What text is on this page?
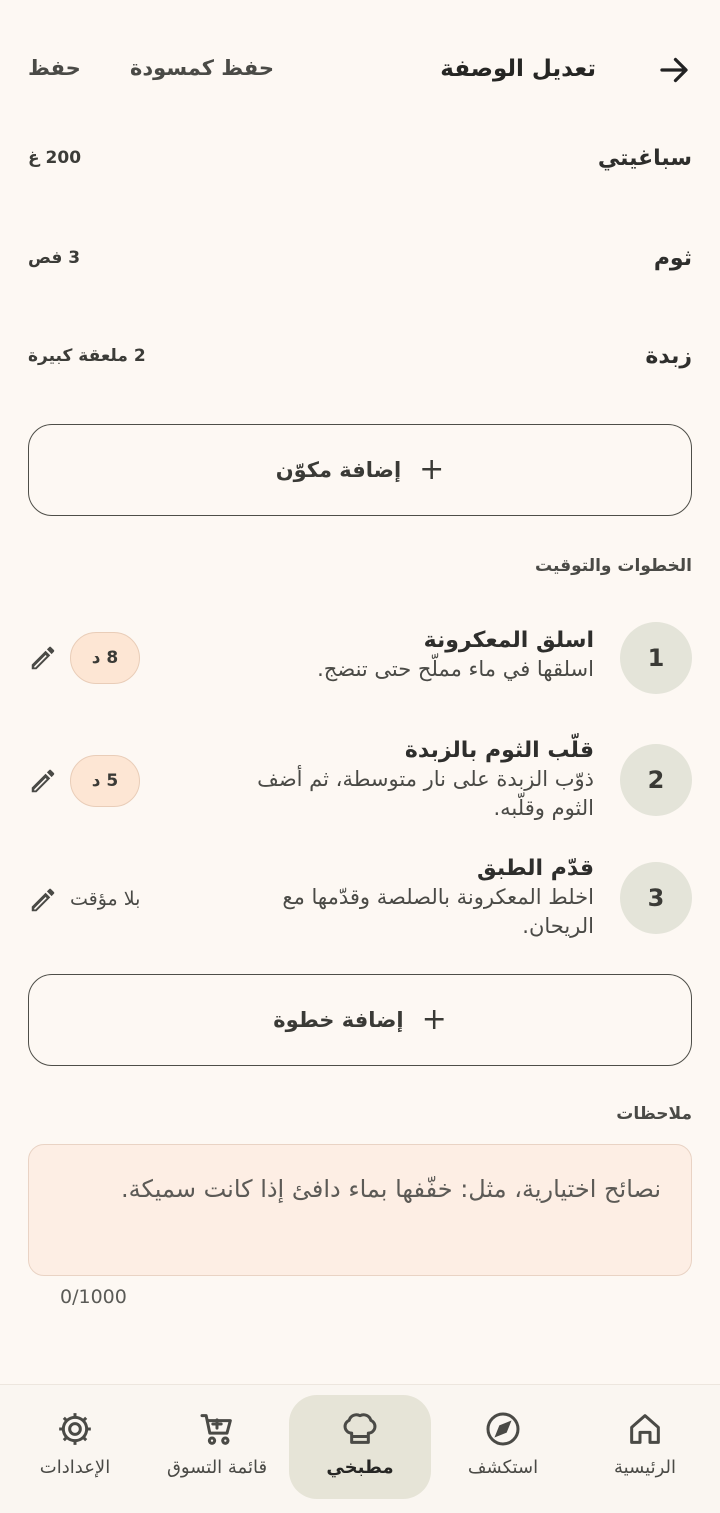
تعديل الوصفة
حفظ كمسودة
حفظ
سباغيتي
200 غ
ثوم
3 فص
زبدة
2 ملعقة كبيرة
+
إضافة مكوّن
الخطوات والتوقيت
1
اسلق المعكرونة
اسلقها في ماء مملّح حتى تنضج.
8 د
2
قلّب الثوم بالزبدة
ذوّب الزبدة على نار متوسطة، ثم أضف الثوم وقلّبه.
5 د
3
قدّم الطبق
اخلط المعكرونة بالصلصة وقدّمها مع الريحان.
بلا مؤقت
+
إضافة خطوة
ملاحظات
نصائح اختيارية، مثل: خفّفها بماء دافئ إذا كانت سميكة.
0/1000
الرئيسية
استكشف
مطبخي
قائمة التسوق
الإعدادات
